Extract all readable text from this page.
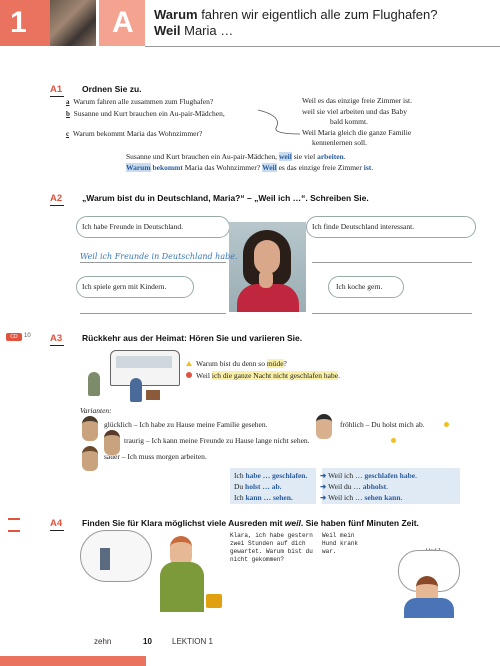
1	A Warum fahren wir eigentlich alle zum Flughafen?
Weil Maria …
A1 Ordnen Sie zu.
a Warum fahren alle zusammen zum Flughafen?
b Susanne und Kurt brauchen ein Au-pair-Mädchen,
c Warum bekommt Maria das Wohnzimmer?
Weil es das einzige freie Zimmer ist.
weil sie viel arbeiten und das Baby
bald kommt.
Weil Maria gleich die ganze Familie
kennenlernen soll.
Susanne und Kurt brauchen ein Au-pair-Mädchen, weil sie viel arbeiten.
Warum bekommt Maria das Wohnzimmer? Weil es das einzige freie Zimmer ist.
A2 „Warum bist du in Deutschland, Maria?“ – „Weil ich …“. Schreiben Sie.
Ich habe Freunde in Deutschland.	Ich finde Deutschland interessant.
Weil ich Freunde in Deutschland habe.
Ich spiele gern mit Kindern.	Ich koche gern.
CD	10 A3 Rückkehr aus der Heimat: Hören Sie und variieren Sie.
Warum bist du denn so müde?
Weil ich die ganze Nacht nicht geschlafen habe.
Varianten:
glücklich – Ich habe zu Hause meine Familie gesehen.	fröhlich – Du holst mich ab.
traurig – Ich kann meine Freunde zu Hause lange nicht sehen.
sauer – Ich muss morgen arbeiten.
Ich habe … geschlafen. ➜ Weil ich … geschlafen habe.
Du holst … ab.	➜ Weil du … abholst.
Ich kann … sehen.	➜ Weil ich … sehen kann.
A4 Finden Sie für Klara möglichst viele Ausreden mit weil. Sie haben fünf Minuten Zeit.
Klara, ich habe gestern zwei Stunden auf dich gewartet. Warum bist du nicht gekommen?
Weil mein Hund krank war.
zehn	10	LEKTION 1
